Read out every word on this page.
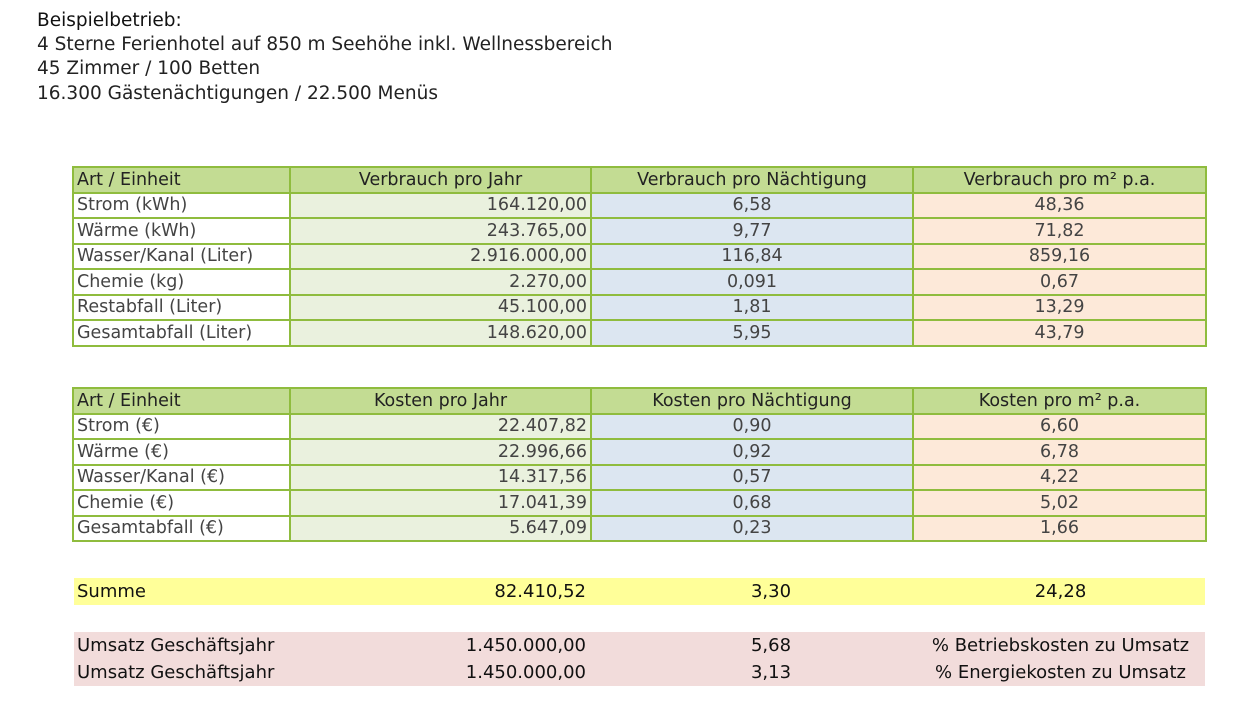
Beispielbetrieb:
4 Sterne Ferienhotel auf 850 m Seehöhe inkl. Wellnessbereich
45 Zimmer / 100 Betten
16.300 Gästenächtigungen / 22.500 Menüs
Art / Einheit	Verbrauch pro Jahr	Verbrauch pro Nächtigung	Verbrauch pro m² p.a.
Strom (kWh)	164.120,00	6,58	48,36
Wärme (kWh)	243.765,00	9,77	71,82
Wasser/Kanal (Liter)	2.916.000,00	116,84	859,16
Chemie (kg)	2.270,00	0,091	0,67
Restabfall (Liter)	45.100,00	1,81	13,29
Gesamtabfall (Liter)	148.620,00	5,95	43,79
Art / Einheit	Kosten pro Jahr	Kosten pro Nächtigung	Kosten pro m² p.a.
Strom (€)	22.407,82	0,90	6,60
Wärme (€)	22.996,66	0,92	6,78
Wasser/Kanal (€)	14.317,56	0,57	4,22
Chemie (€)	17.041,39	0,68	5,02
Gesamtabfall (€)	5.647,09	0,23	1,66
Summe	82.410,52	3,30	24,28
Umsatz Geschäftsjahr	1.450.000,00	5,68	% Betriebskosten zu Umsatz
Umsatz Geschäftsjahr	1.450.000,00	3,13	% Energiekosten zu Umsatz
